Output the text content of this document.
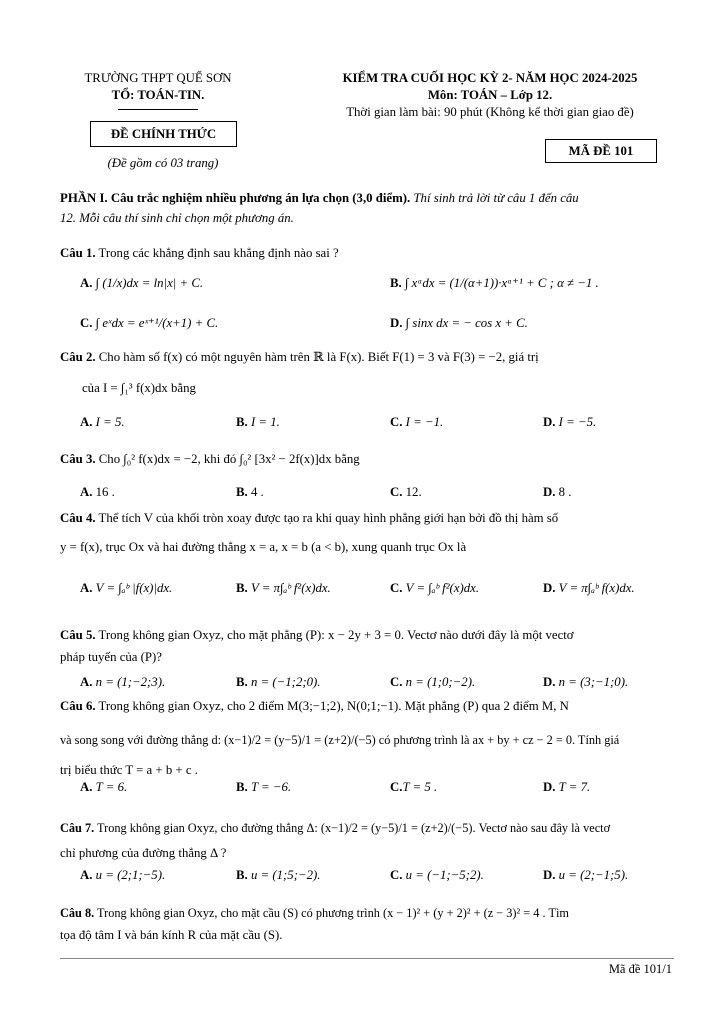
TRƯỜNG THPT QUẾ SƠN
TỔ: TOÁN-TIN.
ĐỀ CHÍNH THỨC
(Đề gồm có 03 trang)
KIỂM TRA CUỐI HỌC KỲ 2- NĂM HỌC 2024-2025
Môn: TOÁN – Lớp 12.
Thời gian làm bài: 90 phút (Không kể thời gian giao đề)
MÃ ĐỀ 101
PHẦN I. Câu trắc nghiệm nhiều phương án lựa chọn (3,0 điểm). Thí sinh trả lời từ câu 1 đến câu
12. Mỗi câu thí sinh chỉ chọn một phương án.
Câu 1. Trong các khẳng định sau khẳng định nào sai ?
A. ∫ (1/x)dx = ln|x| + C.	B. ∫ xᵅdx = (1/(α+1))·xᵅ⁺¹ + C ; α ≠ −1 .
C. ∫ eˣdx = eˣ⁺¹/(x+1) + C.	D. ∫ sinx dx = − cos x + C.
Câu 2. Cho hàm số f(x) có một nguyên hàm trên ℝ là F(x). Biết F(1) = 3 và F(3) = −2, giá trị
của I = ∫₁³ f(x)dx bằng
A. I = 5.	B. I = 1.	C. I = −1.	D. I = −5.
Câu 3. Cho ∫₀² f(x)dx = −2, khi đó ∫₀² [3x² − 2f(x)]dx bằng
A. 16 .	B. 4 .	C. 12.	D. 8 .
Câu 4. Thể tích V của khối tròn xoay được tạo ra khi quay hình phẳng giới hạn bởi đồ thị hàm số
y = f(x), trục Ox và hai đường thẳng x = a, x = b (a < b), xung quanh trục Ox là
A. V = ∫ₐᵇ |f(x)|dx.	B. V = π∫ₐᵇ f²(x)dx.	C. V = ∫ₐᵇ f²(x)dx.	D. V = π∫ₐᵇ f(x)dx.
Câu 5. Trong không gian Oxyz, cho mặt phẳng (P): x − 2y + 3 = 0. Vectơ nào dưới đây là một vectơ
pháp tuyến của (P)?
A. n = (1;−2;3).	B. n = (−1;2;0).	C. n = (1;0;−2).	D. n = (3;−1;0).
Câu 6. Trong không gian Oxyz, cho 2 điểm M(3;−1;2), N(0;1;−1). Mặt phẳng (P) qua 2 điểm M, N
và song song với đường thẳng d: (x−1)/2 = (y−5)/1 = (z+2)/(−5) có phương trình là ax + by + cz − 2 = 0. Tính giá
trị biểu thức T = a + b + c .
A. T = 6.	B. T = −6.	C.T = 5 .	D. T = 7.
Câu 7. Trong không gian Oxyz, cho đường thẳng Δ: (x−1)/2 = (y−5)/1 = (z+2)/(−5). Vectơ nào sau đây là vectơ
chỉ phương của đường thẳng Δ ?
A. u = (2;1;−5).	B. u = (1;5;−2).	C. u = (−1;−5;2).	D. u = (2;−1;5).
Câu 8. Trong không gian Oxyz, cho mặt cầu (S) có phương trình (x − 1)² + (y + 2)² + (z − 3)² = 4 . Tìm
tọa độ tâm I và bán kính R của mặt cầu (S).
Mã đề 101/1
